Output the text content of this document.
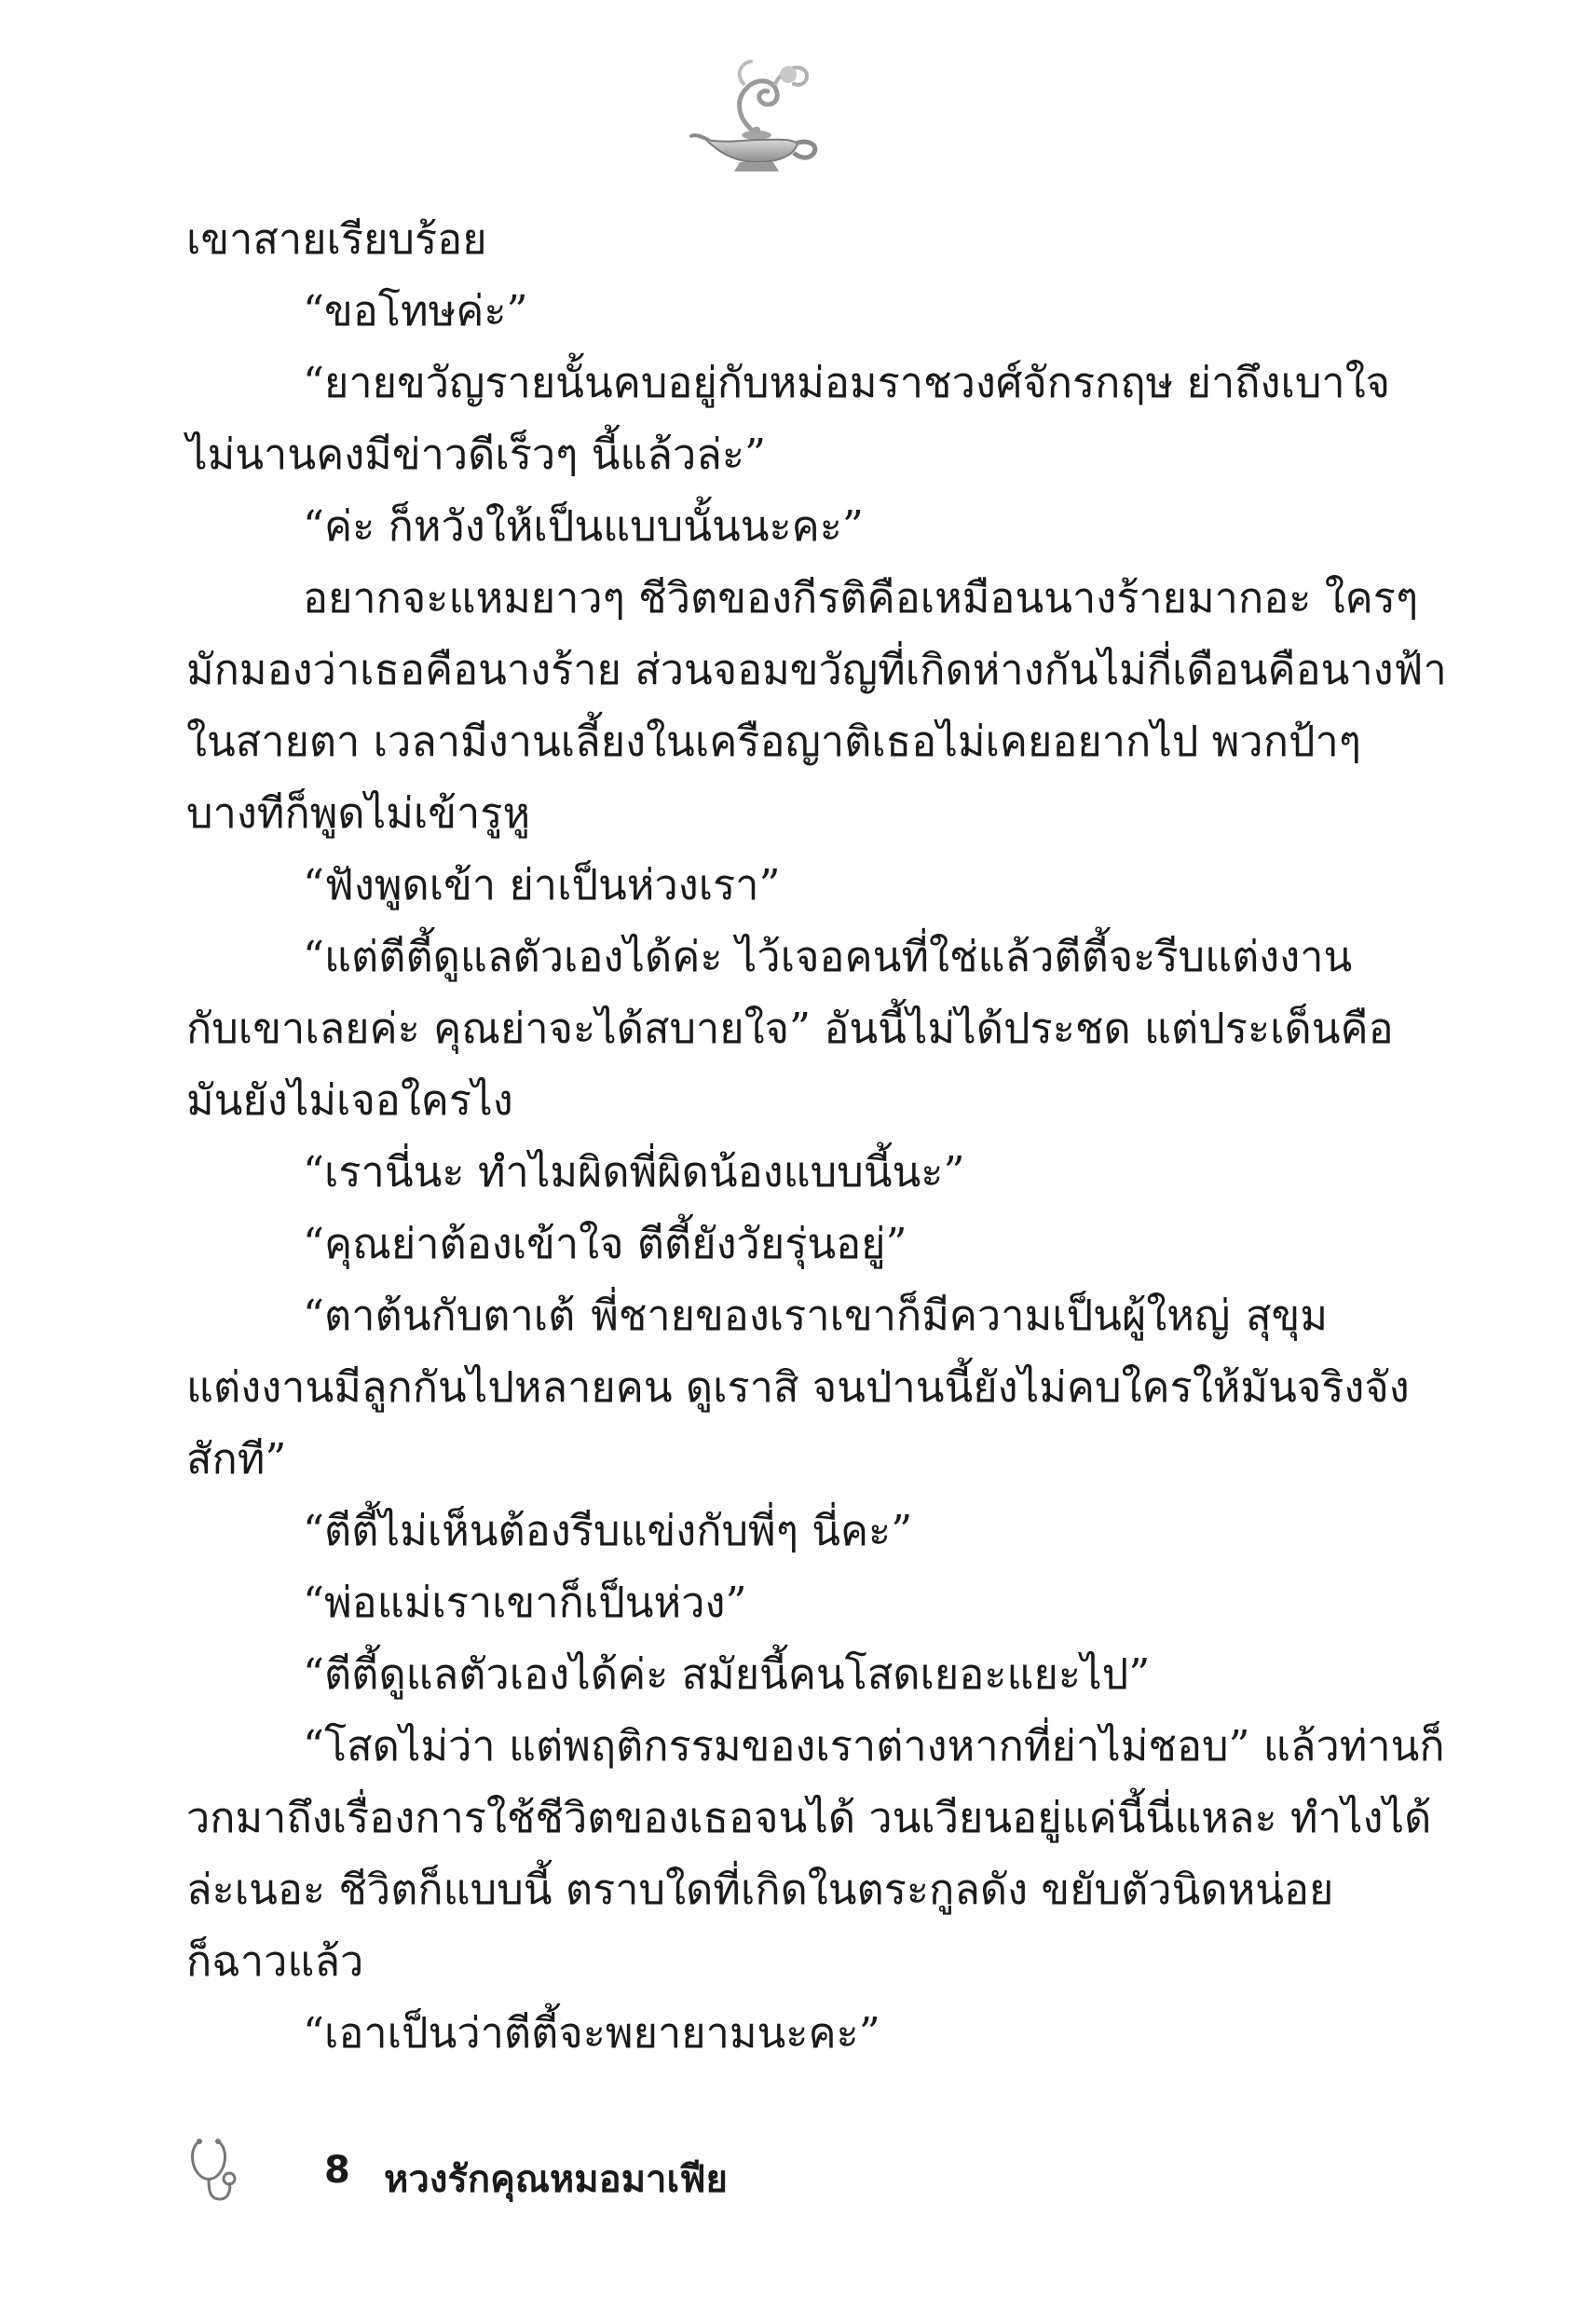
เขาสายเรียบร้อย
“ขอโทษค่ะ”
“ยายขวัญรายนั้นคบอยู่กับหม่อมราชวงศ์จักรกฤษ ย่าถึงเบาใจ
ไม่นานคงมีข่าวดีเร็วๆ นี้แล้วล่ะ”
“ค่ะ ก็หวังให้เป็นแบบนั้นนะคะ”
อยากจะแหมยาวๆ ชีวิตของกีรติคือเหมือนนางร้ายมากอะ ใครๆ
มักมองว่าเธอคือนางร้าย ส่วนจอมขวัญที่เกิดห่างกันไม่กี่เดือนคือนางฟ้า
ในสายตา เวลามีงานเลี้ยงในเครือญาติเธอไม่เคยอยากไป พวกป้าๆ
บางทีก็พูดไม่เข้ารูหู
“ฟังพูดเข้า ย่าเป็นห่วงเรา”
“แต่ตีตี้ดูแลตัวเองได้ค่ะ ไว้เจอคนที่ใช่แล้วตีตี้จะรีบแต่งงาน
กับเขาเลยค่ะ คุณย่าจะได้สบายใจ” อันนี้ไม่ได้ประชด แต่ประเด็นคือ
มันยังไม่เจอใครไง
“เรานี่นะ ทำไมผิดพี่ผิดน้องแบบนี้นะ”
“คุณย่าต้องเข้าใจ ตีตี้ยังวัยรุ่นอยู่”
“ตาต้นกับตาเต้ พี่ชายของเราเขาก็มีความเป็นผู้ใหญ่ สุขุม
แต่งงานมีลูกกันไปหลายคน ดูเราสิ จนป่านนี้ยังไม่คบใครให้มันจริงจัง
สักที”
“ตีตี้ไม่เห็นต้องรีบแข่งกับพี่ๆ นี่คะ”
“พ่อแม่เราเขาก็เป็นห่วง”
“ตีตี้ดูแลตัวเองได้ค่ะ สมัยนี้คนโสดเยอะแยะไป”
“โสดไม่ว่า แต่พฤติกรรมของเราต่างหากที่ย่าไม่ชอบ” แล้วท่านก็
วกมาถึงเรื่องการใช้ชีวิตของเธอจนได้ วนเวียนอยู่แค่นี้นี่แหละ ทำไงได้
ล่ะเนอะ ชีวิตก็แบบนี้ ตราบใดที่เกิดในตระกูลดัง ขยับตัวนิดหน่อย
ก็ฉาวแล้ว
“เอาเป็นว่าตีตี้จะพยายามนะคะ”
8 หวงรักคุณหมอมาเฟีย
